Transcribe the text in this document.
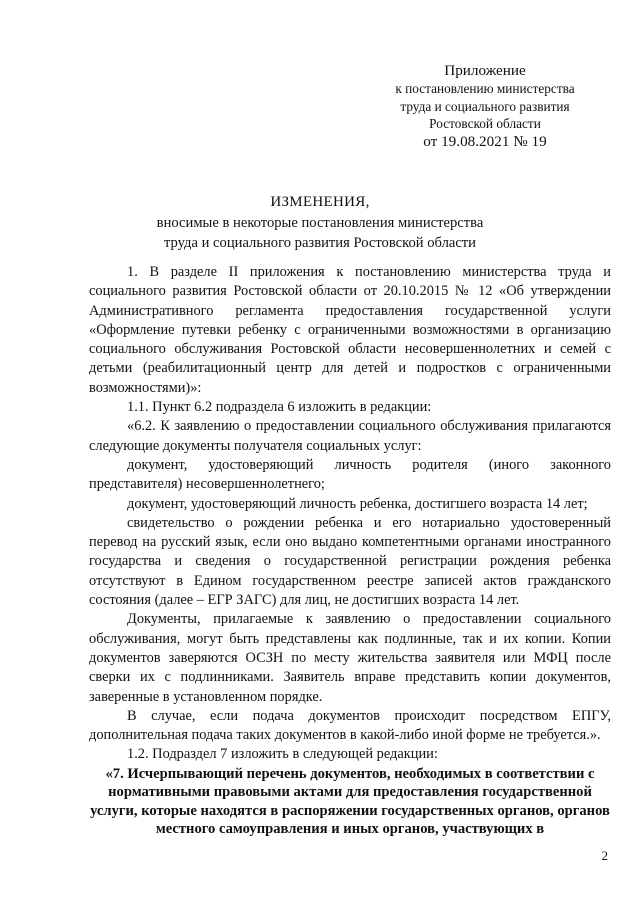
Приложение
к постановлению министерства
труда и социального развития
Ростовской области
от 19.08.2021 № 19
ИЗМЕНЕНИЯ,
вносимые в некоторые постановления министерства
труда и социального развития Ростовской области

1. В разделе II приложения к постановлению министерства труда и социального развития Ростовской области от 20.10.2015 № 12 «Об утверждении Административного регламента предоставления государственной услуги «Оформление путевки ребенку с ограниченными возможностями в организацию социального обслуживания Ростовской области несовершеннолетних и семей с детьми (реабилитационный центр для детей и подростков с ограниченными возможностями)»:

1.1. Пункт 6.2 подраздела 6 изложить в редакции:

«6.2. К заявлению о предоставлении социального обслуживания прилагаются следующие документы получателя социальных услуг:

документ, удостоверяющий личность родителя (иного законного представителя) несовершеннолетнего;

документ, удостоверяющий личность ребенка, достигшего возраста 14 лет;

свидетельство о рождении ребенка и его нотариально удостоверенный перевод на русский язык, если оно выдано компетентными органами иностранного государства и сведения о государственной регистрации рождения ребенка отсутствуют в Едином государственном реестре записей актов гражданского состояния (далее – ЕГР ЗАГС) для лиц, не достигших возраста 14 лет.

Документы, прилагаемые к заявлению о предоставлении социального обслуживания, могут быть представлены как подлинные, так и их копии. Копии документов заверяются ОСЗН по месту жительства заявителя или МФЦ после сверки их с подлинниками. Заявитель вправе представить копии документов, заверенные в установленном порядке.

В случае, если подача документов происходит посредством ЕПГУ, дополнительная подача таких документов в какой-либо иной форме не требуется.».

1.2. Подраздел 7 изложить в следующей редакции:

«7. Исчерпывающий перечень документов, необходимых в соответствии с нормативными правовыми актами для предоставления государственной услуги, которые находятся в распоряжении государственных органов, органов местного самоуправления и иных органов, участвующих в

2
